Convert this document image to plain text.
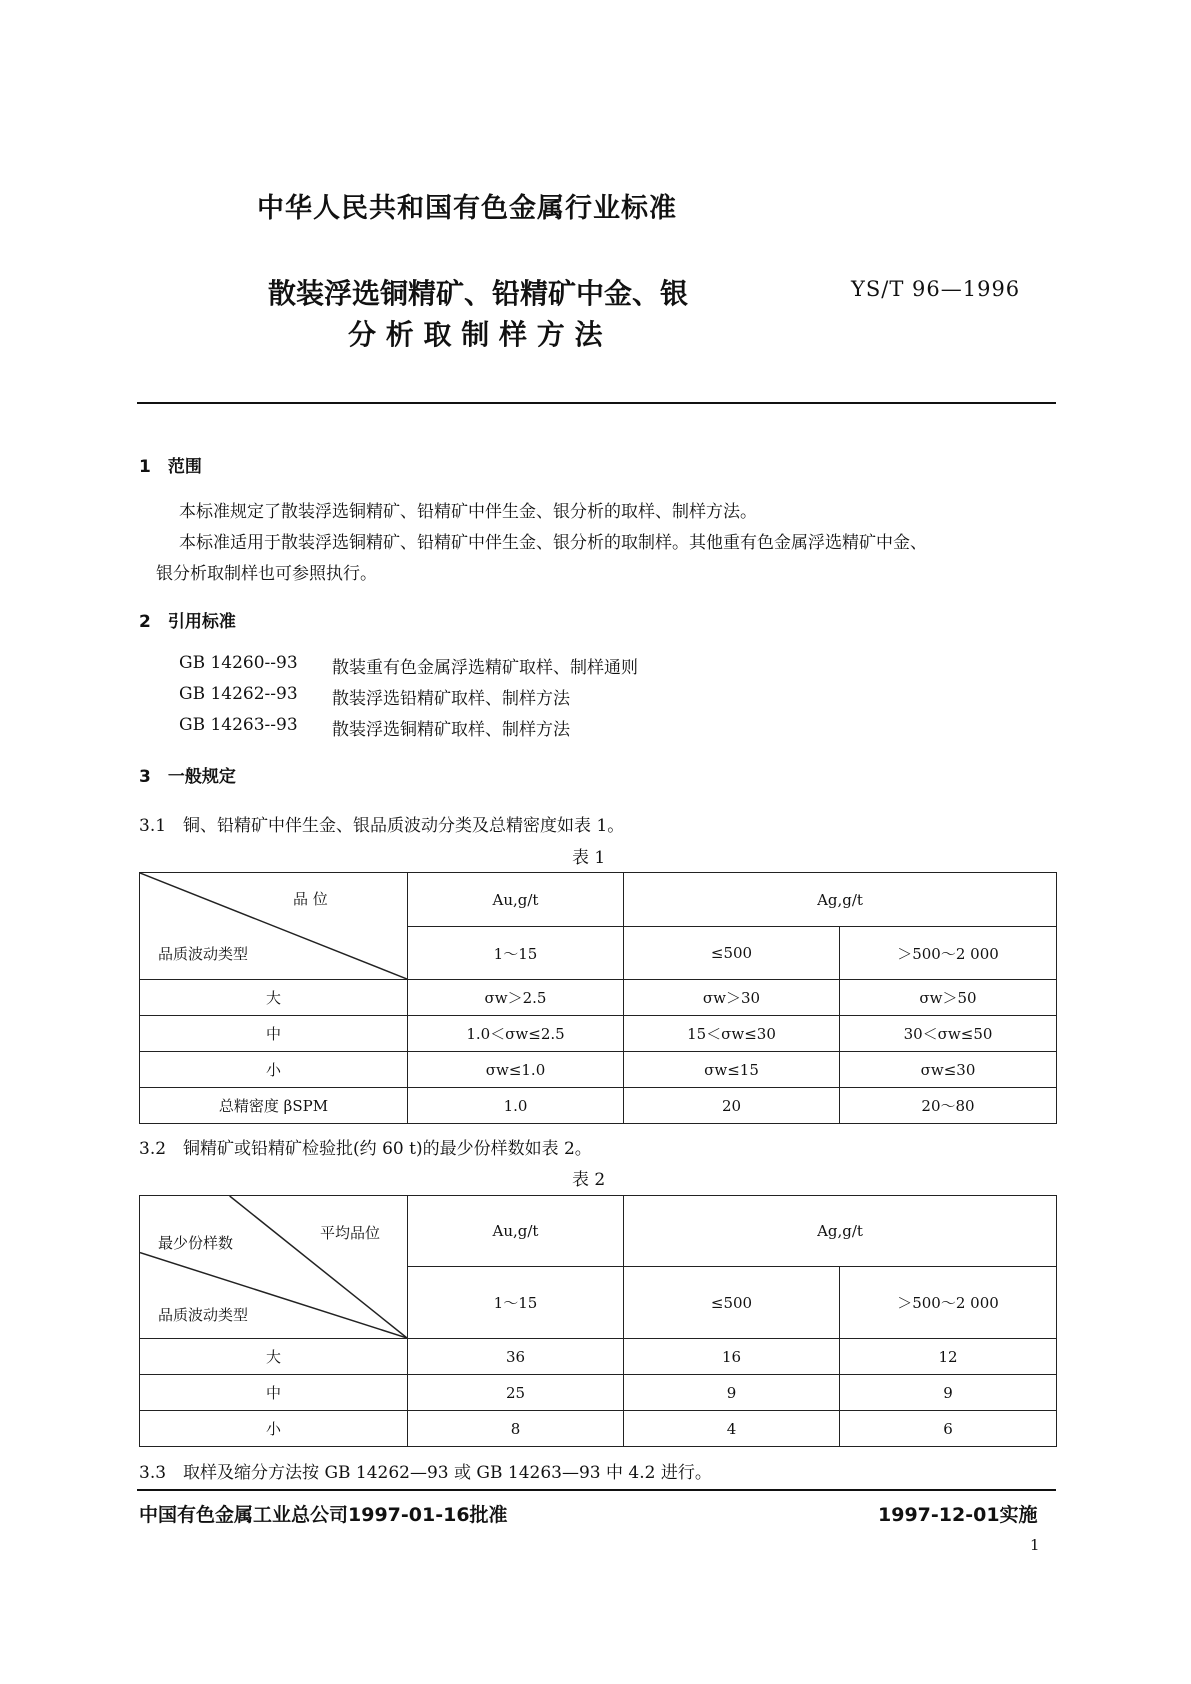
中华人民共和国有色金属行业标准
散装浮选铜精矿、铅精矿中金、银
分 析 取 制 样 方 法
YS/T 96—1996
1　范围
本标准规定了散装浮选铜精矿、铅精矿中伴生金、银分析的取样、制样方法。
本标准适用于散装浮选铜精矿、铅精矿中伴生金、银分析的取制样。其他重有色金属浮选精矿中金、
银分析取制样也可参照执行。
2　引用标准
GB 14260--93 散装重有色金属浮选精矿取样、制样通则
GB 14262--93 散装浮选铅精矿取样、制样方法
GB 14263--93 散装浮选铜精矿取样、制样方法
3　一般规定
3.1　铜、铅精矿中伴生金、银品质波动分类及总精密度如表 1。
表 1
品 位
品质波动类型	Au,g/t	Ag,g/t	
	1～15	≤500	＞500～2 000
大	σw＞2.5	σw＞30	σw＞50
中	1.0＜σw≤2.5	15＜σw≤30	30＜σw≤50
小	σw≤1.0	σw≤15	σw≤30
总精密度 βSPM	1.0	20	20～80
3.2　铜精矿或铅精矿检验批(约 60 t)的最少份样数如表 2。
表 2
平均品位
最少份样数
品质波动类型	Au,g/t	Ag,g/t	
	1～15	≤500	＞500～2 000
大	36	16	12
中	25	9	9
小	8	4	6
3.3　取样及缩分方法按 GB 14262—93 或 GB 14263—93 中 4.2 进行。
中国有色金属工业总公司1997-01-16批准	1997-12-01实施
1
